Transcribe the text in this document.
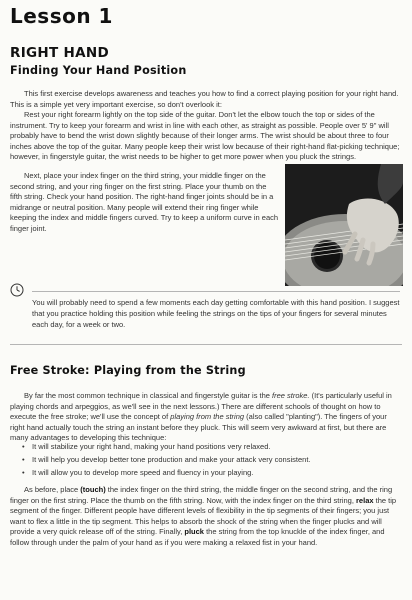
Lesson 1
RIGHT HAND
Finding Your Hand Position

This first exercise develops awareness and teaches you how to find a correct playing position for your right hand. This is a simple yet very important exercise, so don't overlook it:

Rest your right forearm lightly on the top side of the guitar. Don't let the elbow touch the top or sides of the instrument. Try to keep your forearm and wrist in line with each other, as straight as possible. People over 5' 9" will probably have to bend the wrist down slightly because of their longer arms. The wrist should be about three to four inches above the top of the guitar. Many people keep their wrist low because of their right-hand flat-picking technique; however, in fingerstyle guitar, the wrist needs to be higher to get more power when you pluck the strings.

Next, place your index finger on the third string, your middle finger on the second string, and your ring finger on the first string. Place your thumb on the fifth string. Check your hand position. The right-hand finger joints should be in a midrange or neutral position. Many people will extend their ring finger while keeping the index and middle fingers curved. Try to keep a uniform curve in each finger joint.

You will probably need to spend a few moments each day getting comfortable with this hand position. I suggest that you practice holding this position while feeling the strings on the tips of your fingers for several minutes each day, for a week or two.

Free Stroke: Playing from the String

By far the most common technique in classical and fingerstyle guitar is the free stroke. (It's particularly useful in playing chords and arpeggios, as we'll see in the next lessons.) There are different schools of thought on how to execute the free stroke; we'll use the concept of playing from the string (also called "planting"). The fingers of your right hand actually touch the string an instant before they pluck. This will seem very awkward at first, but there are many advantages to developing this technique:

• It will stabilize your right hand, making your hand positions very relaxed.
• It will help you develop better tone production and make your attack very consistent.
• It will allow you to develop more speed and fluency in your playing.

As before, place (touch) the index finger on the third string, the middle finger on the second string, and the ring finger on the first string. Place the thumb on the fifth string. Now, with the index finger on the third string, relax the tip segment of the finger. Different people have different levels of flexibility in the tip segments of their fingers; you just want to flex a little in the tip segment. This helps to absorb the shock of the string when the finger plucks and will provide a very quick release off of the string. Finally, pluck the string from the top knuckle of the index finger, and follow through under the palm of your hand as if you were making a relaxed fist in your hand.
